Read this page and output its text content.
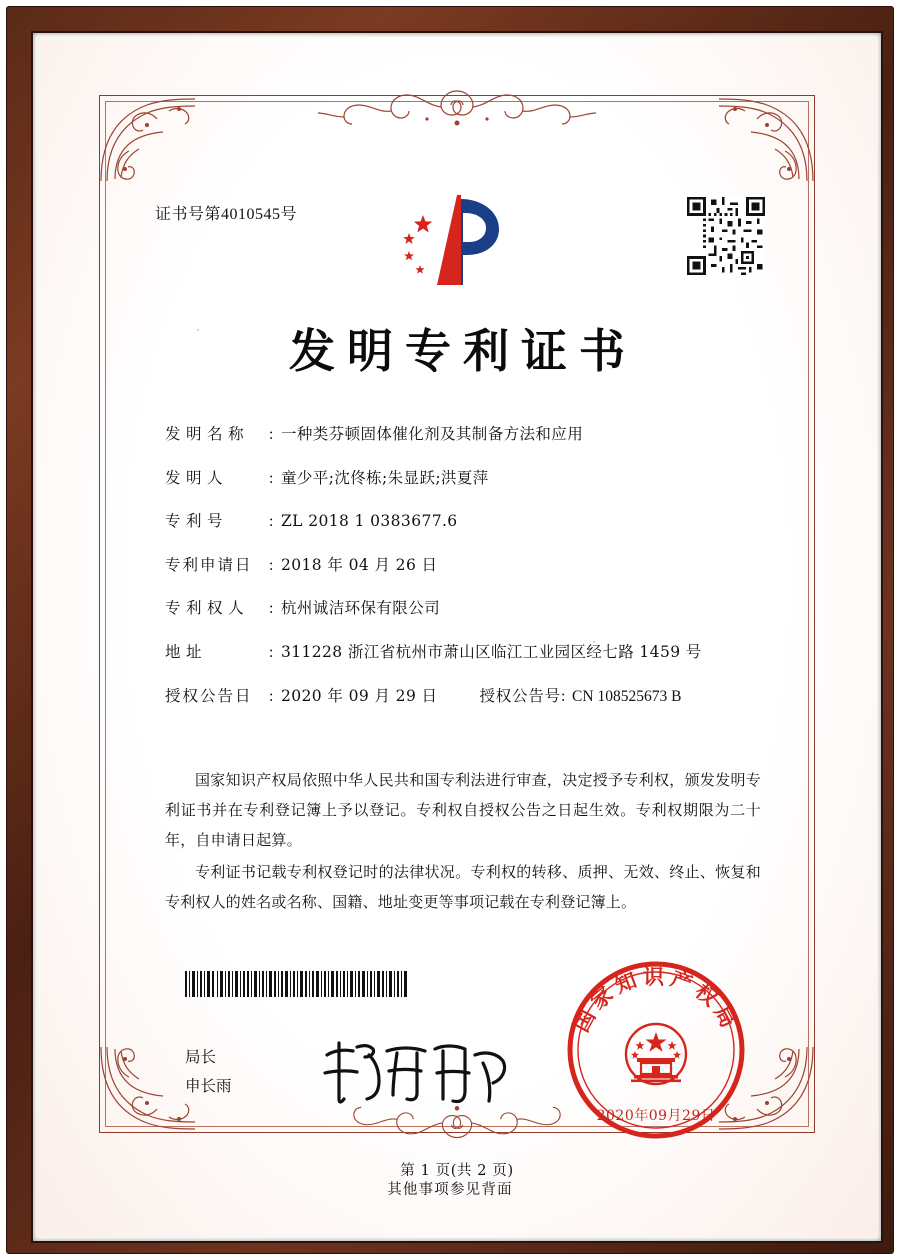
证书号第4010545号
发明专利证书
发 明 名 称	: 一种类芬顿固体催化剂及其制备方法和应用
发 明 人	: 童少平;沈佟栋;朱显跃;洪夏萍
专 利 号	: ZL 2018 1 0383677.6
专利申请日	: 2018 年 04 月 26 日
专 利 权 人	: 杭州诚洁环保有限公司
地 址	: 311228 浙江省杭州市萧山区临江工业园区经七路 1459 号
授权公告日	: 2020 年 09 月 29 日	授权公告号: CN 108525673 B

国家知识产权局依照中华人民共和国专利法进行审查，决定授予专利权，颁发发明专利证书并在专利登记簿上予以登记。专利权自授权公告之日起生效。专利权期限为二十年，自申请日起算。

专利证书记载专利权登记时的法律状况。专利权的转移、质押、无效、终止、恢复和专利权人的姓名或名称、国籍、地址变更等事项记载在专利登记簿上。

局长
申长雨
国家知识产权局
2020年09月29日
第 1 页(共 2 页)
其他事项参见背面
